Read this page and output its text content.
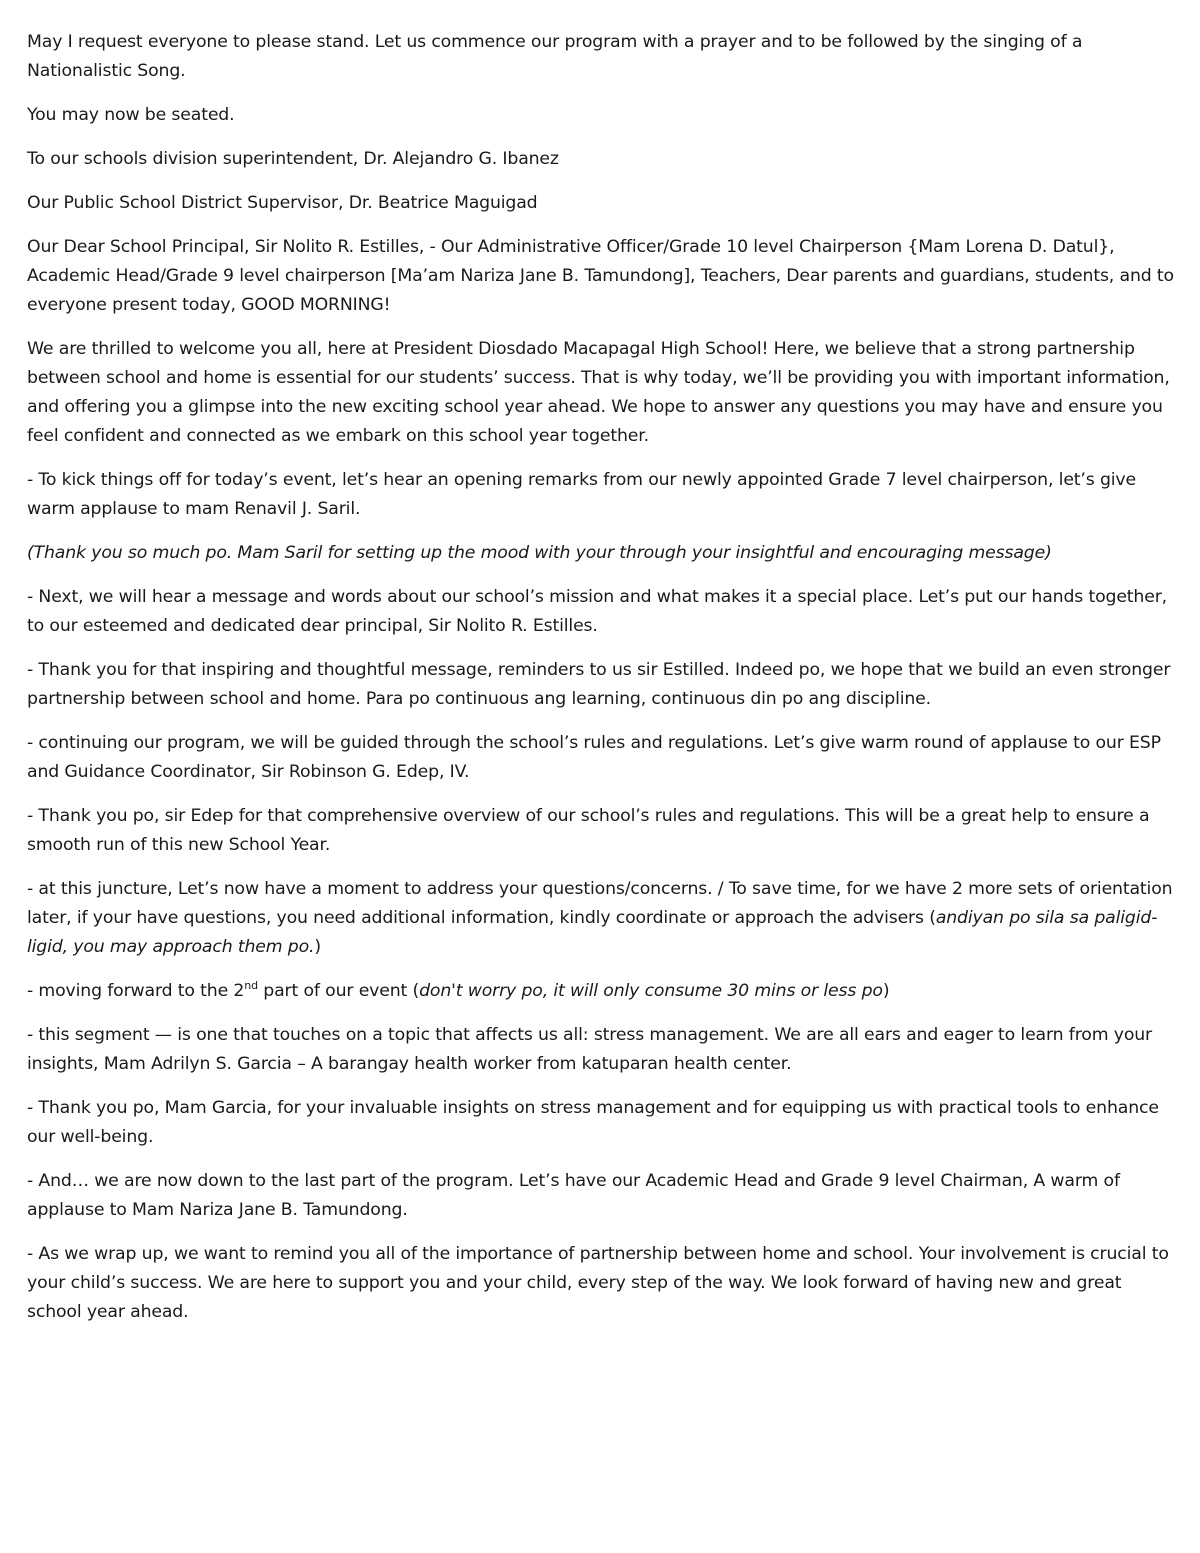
May I request everyone to please stand. Let us commence our program with a prayer and to be followed by the singing of a Nationalistic Song.

You may now be seated.

To our schools division superintendent, Dr. Alejandro G. Ibanez

Our Public School District Supervisor, Dr. Beatrice Maguigad

Our Dear School Principal, Sir Nolito R. Estilles, - Our Administrative Officer/Grade 10 level Chairperson {Mam Lorena D. Datul}, Academic Head/Grade 9 level chairperson [Ma’am Nariza Jane B. Tamundong], Teachers, Dear parents and guardians, students, and to everyone present today, GOOD MORNING!

We are thrilled to welcome you all, here at President Diosdado Macapagal High School! Here, we believe that a strong partnership between school and home is essential for our students’ success. That is why today, we’ll be providing you with important information, and offering you a glimpse into the new exciting school year ahead. We hope to answer any questions you may have and ensure you feel confident and connected as we embark on this school year together.

- To kick things off for today’s event, let’s hear an opening remarks from our newly appointed Grade 7 level chairperson, let’s give warm applause to mam Renavil J. Saril.

(Thank you so much po. Mam Saril for setting up the mood with your through your insightful and encouraging message)

- Next, we will hear a message and words about our school’s mission and what makes it a special place. Let’s put our hands together, to our esteemed and dedicated dear principal, Sir Nolito R. Estilles.

- Thank you for that inspiring and thoughtful message, reminders to us sir Estilled. Indeed po, we hope that we build an even stronger partnership between school and home. Para po continuous ang learning, continuous din po ang discipline.

- continuing our program, we will be guided through the school’s rules and regulations. Let’s give warm round of applause to our ESP and Guidance Coordinator, Sir Robinson G. Edep, IV.

- Thank you po, sir Edep for that comprehensive overview of our school’s rules and regulations. This will be a great help to ensure a smooth run of this new School Year.

- at this juncture, Let’s now have a moment to address your questions/concerns. / To save time, for we have 2 more sets of orientation later, if your have questions, you need additional information, kindly coordinate or approach the advisers (andiyan po sila sa paligid-ligid, you may approach them po.)

- moving forward to the 2nd part of our event (don't worry po, it will only consume 30 mins or less po)

- this segment — is one that touches on a topic that affects us all: stress management. We are all ears and eager to learn from your insights, Mam Adrilyn S. Garcia – A barangay health worker from katuparan health center.

- Thank you po, Mam Garcia, for your invaluable insights on stress management and for equipping us with practical tools to enhance our well-being.

- And… we are now down to the last part of the program. Let’s have our Academic Head and Grade 9 level Chairman, A warm of applause to Mam Nariza Jane B. Tamundong.

- As we wrap up, we want to remind you all of the importance of partnership between home and school. Your involvement is crucial to your child’s success. We are here to support you and your child, every step of the way. We look forward of having new and great school year ahead.
